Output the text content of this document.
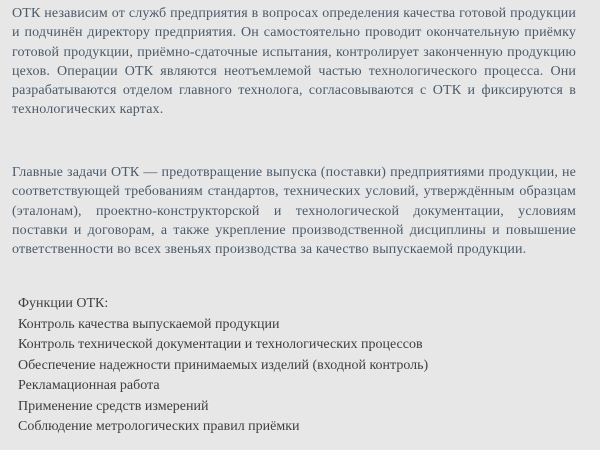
ОТК независим от служб предприятия в вопросах определения качества готовой продукции и подчинён директору предприятия. Он самостоятельно проводит окончательную приёмку готовой продукции, приёмно-сдаточные испытания, контролирует законченную продукцию цехов. Операции ОТК являются неотъемлемой частью технологического процесса. Они разрабатываются отделом главного технолога, согласовываются с ОТК и фиксируются в технологических картах.
Главные задачи ОТК — предотвращение выпуска (поставки) предприятиями продукции, не соответствующей требованиям стандартов, технических условий, утверждённым образцам (эталонам), проектно-конструкторской и технологической документации, условиям поставки и договорам, а также укрепление производственной дисциплины и повышение ответственности во всех звеньях производства за качество выпускаемой продукции.
Функции ОТК:
Контроль качества выпускаемой продукции
Контроль технической документации и технологических процессов
Обеспечение надежности принимаемых изделий (входной контроль)
Рекламационная работа
Применение средств измерений
Соблюдение метрологических правил приёмки
